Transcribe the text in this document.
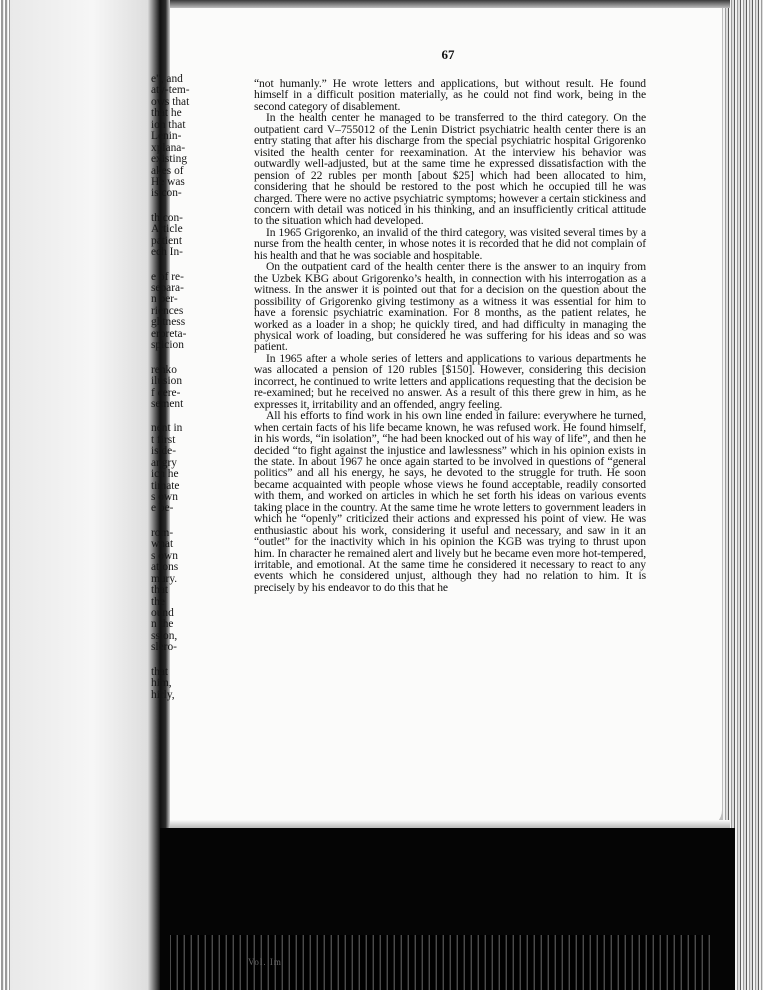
e", and
aty-tem-
ows that
that he
ion that
Lenin-
xplana-
existing
akes of
He was
is con-
th con-
Article
patient
ech In-
e of re-
separa-
n per-
riences
ghtness
erpreta-
spicion
renko
ilusion
f cere-
sement
nent in
t first
is de-
angry
ich he
timate
s own
e be-
rom-
what
s own
ations
mury.
that
the
ound
n the
ssion,
slero-
that
him,
hirly,
67

“not humanly.” He wrote letters and applications, but without result. He found himself in a difficult position materially, as he could not find work, being in the second category of disablement.

In the health center he managed to be transferred to the third category. On the outpatient card V–755012 of the Lenin District psychiatric health center there is an entry stating that after his discharge from the special psychiatric hospital Grigorenko visited the health center for reexamination. At the interview his behavior was outwardly well-adjusted, but at the same time he expressed dissatisfaction with the pension of 22 rubles per month [about $25] which had been allocated to him, considering that he should be restored to the post which he occupied till he was charged. There were no active psychiatric symptoms; however a certain stickiness and concern with detail was noticed in his thinking, and an insufficiently critical attitude to the situation which had developed.

In 1965 Grigorenko, an invalid of the third category, was visited several times by a nurse from the health center, in whose notes it is recorded that he did not complain of his health and that he was sociable and hospitable.

On the outpatient card of the health center there is the answer to an inquiry from the Uzbek KBG about Grigorenko’s health, in connection with his interrogation as a witness. In the answer it is pointed out that for a decision on the question about the possibility of Grigorenko giving testimony as a witness it was essential for him to have a forensic psychiatric examination. For 8 months, as the patient relates, he worked as a loader in a shop; he quickly tired, and had difficulty in managing the physical work of loading, but considered he was suffering for his ideas and so was patient.

In 1965 after a whole series of letters and applications to various departments he was allocated a pension of 120 rubles [$150]. However, considering this decision incorrect, he continued to write letters and applications requesting that the decision be re-examined; but he received no answer. As a result of this there grew in him, as he expresses it, irritability and an offended, angry feeling.

All his efforts to find work in his own line ended in failure: everywhere he turned, when certain facts of his life became known, he was refused work. He found himself, in his words, “in isolation”, “he had been knocked out of his way of life”, and then he decided “to fight against the injustice and lawlessness” which in his opinion exists in the state. In about 1967 he once again started to be involved in questions of “general politics” and all his energy, he says, he devoted to the struggle for truth. He soon became acquainted with people whose views he found acceptable, readily consorted with them, and worked on articles in which he set forth his ideas on various events taking place in the country. At the same time he wrote letters to government leaders in which he “openly” criticized their actions and expressed his point of view. He was enthusiastic about his work, considering it useful and necessary, and saw in it an “outlet” for the inactivity which in his opinion the KGB was trying to thrust upon him. In character he remained alert and lively but he became even more hot-tempered, irritable, and emotional. At the same time he considered it necessary to react to any events which he considered unjust, although they had no relation to him. It is precisely by his endeavor to do this that he

Vol. Im
